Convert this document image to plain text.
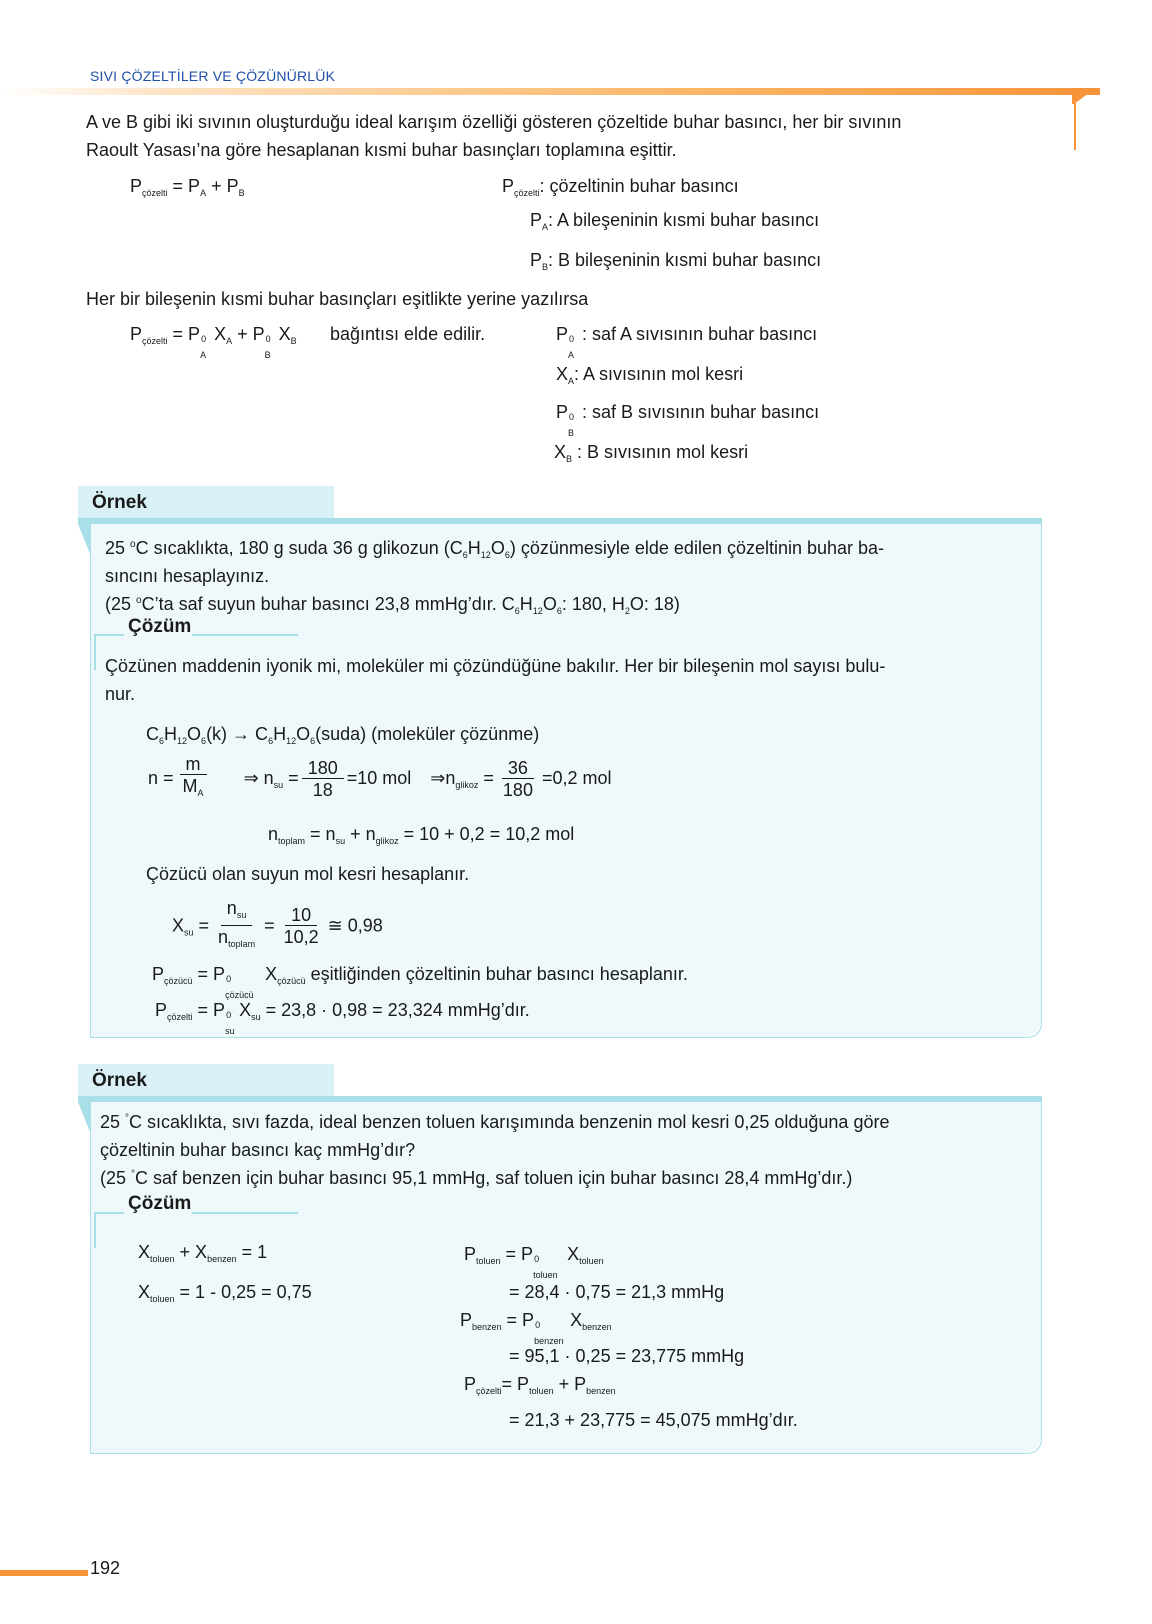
SIVI ÇÖZELTİLER VE ÇÖZÜNÜRLÜK
A ve B gibi iki sıvının oluşturduğu ideal karışım özelliği gösteren çözeltide buhar basıncı, her bir sıvının
Raoult Yasası’na göre hesaplanan kısmi buhar basınçları toplamına eşittir.
$P_{çözelti} = P_A + P_B$	$P_{çözelti}$: çözeltinin buhar basıncı
$P_A$: A bileşeninin kısmi buhar basıncı
$P_B$: B bileşeninin kısmi buhar basıncı
Her bir bileşenin kısmi buhar basınçları eşitlikte yerine yazılırsa
$P_{çözelti} = P$ 0
A
$X_A + P$ 0
B
$X_B$ bağıntısı elde edilir.	P 0
A
: saf A sıvısının buhar basıncı
$X_A$: A sıvısının mol kesri
P 0
B
: saf B sıvısının buhar basıncı
$X_B$ : B sıvısının mol kesri
Örnek
25 $^o$C sıcaklıkta, 180 g suda 36 g glikozun $(C_6H_{12}O_6)$ çözünmesiyle elde edilen çözeltinin buhar ba-
sıncını hesaplayınız.
(25 $^o$C’ta saf suyun buhar basıncı 23,8 mmHg’dır. $C_6H_{12}O_6$: 180, $H_2O$: 18)
Çözüm
Çözünen maddenin iyonik mi, moleküler mi çözündüğüne bakılır. Her bir bileşenin mol sayısı bulu-
nur.
$C_6H_{12}O_6(k)$ → $C_6H_{12}O_6(suda)$ (moleküler çözünme)
$n = \frac{m}{M_A}$ ⇒ $n_{su} = \frac{180}{18} =10$ mol $\Rightarrow n_{glikoz} = \frac{36}{180} =0,2$ mol
$n_{toplam} = n_{su} + n_{glikoz} = 10 + 0,2 = 10,2$ mol
Çözücü olan suyun mol kesri hesaplanır.
$X_{su} = \frac{n_{su}}{n_{toplam}} = \frac{10}{10,2}$ ≅ 0,98
$P_{çözücü} = P$ 0
çözücü
$X_{çözücü}$ eşitliğinden çözeltinin buhar basıncı hesaplanır.
$P_{çözelti} = P$ 0
su
$X_{su} = 23,8 \cdot 0,98 = 23,324$ mmHg’dır.
Örnek
25 °C sıcaklıkta, sıvı fazda, ideal benzen toluen karışımında benzenin mol kesri 0,25 olduğuna göre
çözeltinin buhar basıncı kaç mmHg’dır?
(25 °C saf benzen için buhar basıncı 95,1 mmHg, saf toluen için buhar basıncı 28,4 mmHg’dır.)
Çözüm
$X_{toluen} + X_{benzen} = 1$
$X_{toluen} = 1 - 0,25 = 0,75$
$P_{toluen} = P$ 0
toluen
$X_{toluen}$
= 28,4 · 0,75 = 21,3 mmHg
$P_{benzen} = P$ 0
benzen
$X_{benzen}$
= 95,1 · 0,25 = 23,775 mmHg
$P_{çözelti}= P_{toluen} + P_{benzen}$
= 21,3 + 23,775 = 45,075 mmHg’dır.
192
